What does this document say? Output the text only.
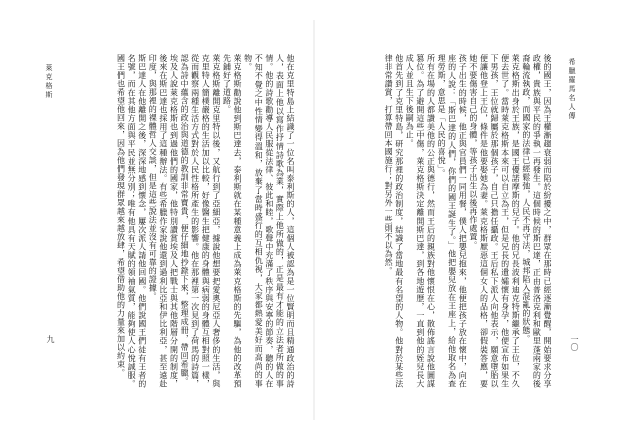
希臘羅馬名人傳
後的國王，因為王權漸趨衰弱而陷於紛擾之中，群眾在那時已經逐漸覺醒，開始要求分享政權，貴族與平民的爭執一再發生。這個時候的斯巴達，正由普洛克利和歐里蓬兩家的後裔輪流執政，而國家的法律已經鬆弛，人民不再守法，城邦陷入混亂的狀態。
萊克格斯出身於王族，是國王優諾摩斯的兒子。他的兄長波利迪克特斯繼承了王位，不久便去世了。當時萊克格斯本來可以自立為王，但是兄長的遺孀懷有身孕，他便宣布如果生下男孩，王位就歸屬於那個孩子，自己只擔任攝政。王后私下派人向他表示，願意墮胎以便讓他登上王位，條件是他要娶她為妻。萊克格斯厭惡這個女人的品格，卻假裝答應，要她不要傷害自己的身體，等孩子出生以後再作處置。
孩子出生的時候，他正與官員們一同用餐，僕人把嬰兒抱來，他便把孩子放在懷中，向在座的人說：「斯巴達的人們，你們的國王誕生了。」他把嬰兒放在王座上，給他取名為查理勞斯，意思是「人民的喜悅」。
所有在場的人都讚美他的公正與德行，然而王后的親族對他懷恨在心，散佈謠言說他圖謀篡位。為了避開這些中傷，萊克格斯決定離開斯巴達，到各地遊歷，一直到他的姪兒長大成人並且生下後嗣為止。
他首先到了克里特島，研究那裡的政治制度，結識了當地最有名望的人物。他對於某些法律非常讚賞，打算帶回本國施行；對另外一些則不以為然。
一〇
萊克格斯	他在克里特島上結識了一位名叫泰利斯的人，這個人被認為是一位賢明而且精通政治的詩人，表面上他以寫作抒情詩歌為業，實際上他所做的，正是最有才能的立法者所做的事情。他的詩歌勸導人民服從法律、彼此和睦，歌聲中充滿了秩序與安寧的節奏，聽的人在不知不覺之中性情變得溫和，放棄了當時盛行的互相仇視，大家都熱愛美好而高尚的事物。
萊克格斯勸說他到斯巴達去，泰利斯就在某種意義上成為萊克格斯的先驅，為他的改革預先鋪好了道路。
萊克格斯離開克里特以後，又航行到了亞細亞，據說他想要把愛奧尼亞人奢侈的生活，與克里特人簡樸嚴格的生活加以比較，好像醫生把健康的身體與病弱的身體互相對照一樣，從而觀察兩種生活方式對於人民性格所產生的影響。他在那裡第一次見到了荷馬的詩篇，認為詩中蘊含的政治與道德的教訓非常寶貴，便仔細地抄錄下來，整理成冊，帶回希臘。
埃及人說萊克格斯也到過他們的國家，他特別讚賞埃及人把戰士與其他階層分開的制度，後來在斯巴達也採用了這種辦法。有些希臘作家說他還到過利比亞和伊比利亞，甚至遠赴印度，與那裡的裸體哲人交談，但是這些說法並沒有可靠的證據。
斯巴達人在他離開之後，深深地感到懷念，屢次派人請他回國。他們說國王們徒有王者的名號，而在其他方面與平民並無分別；唯有他具有天賦的領袖氣質，能夠使人心悅誠服。國王們也希望他回來，因為他們發現群眾越來越放肆，希望借助他的力量來加以約束。
九
